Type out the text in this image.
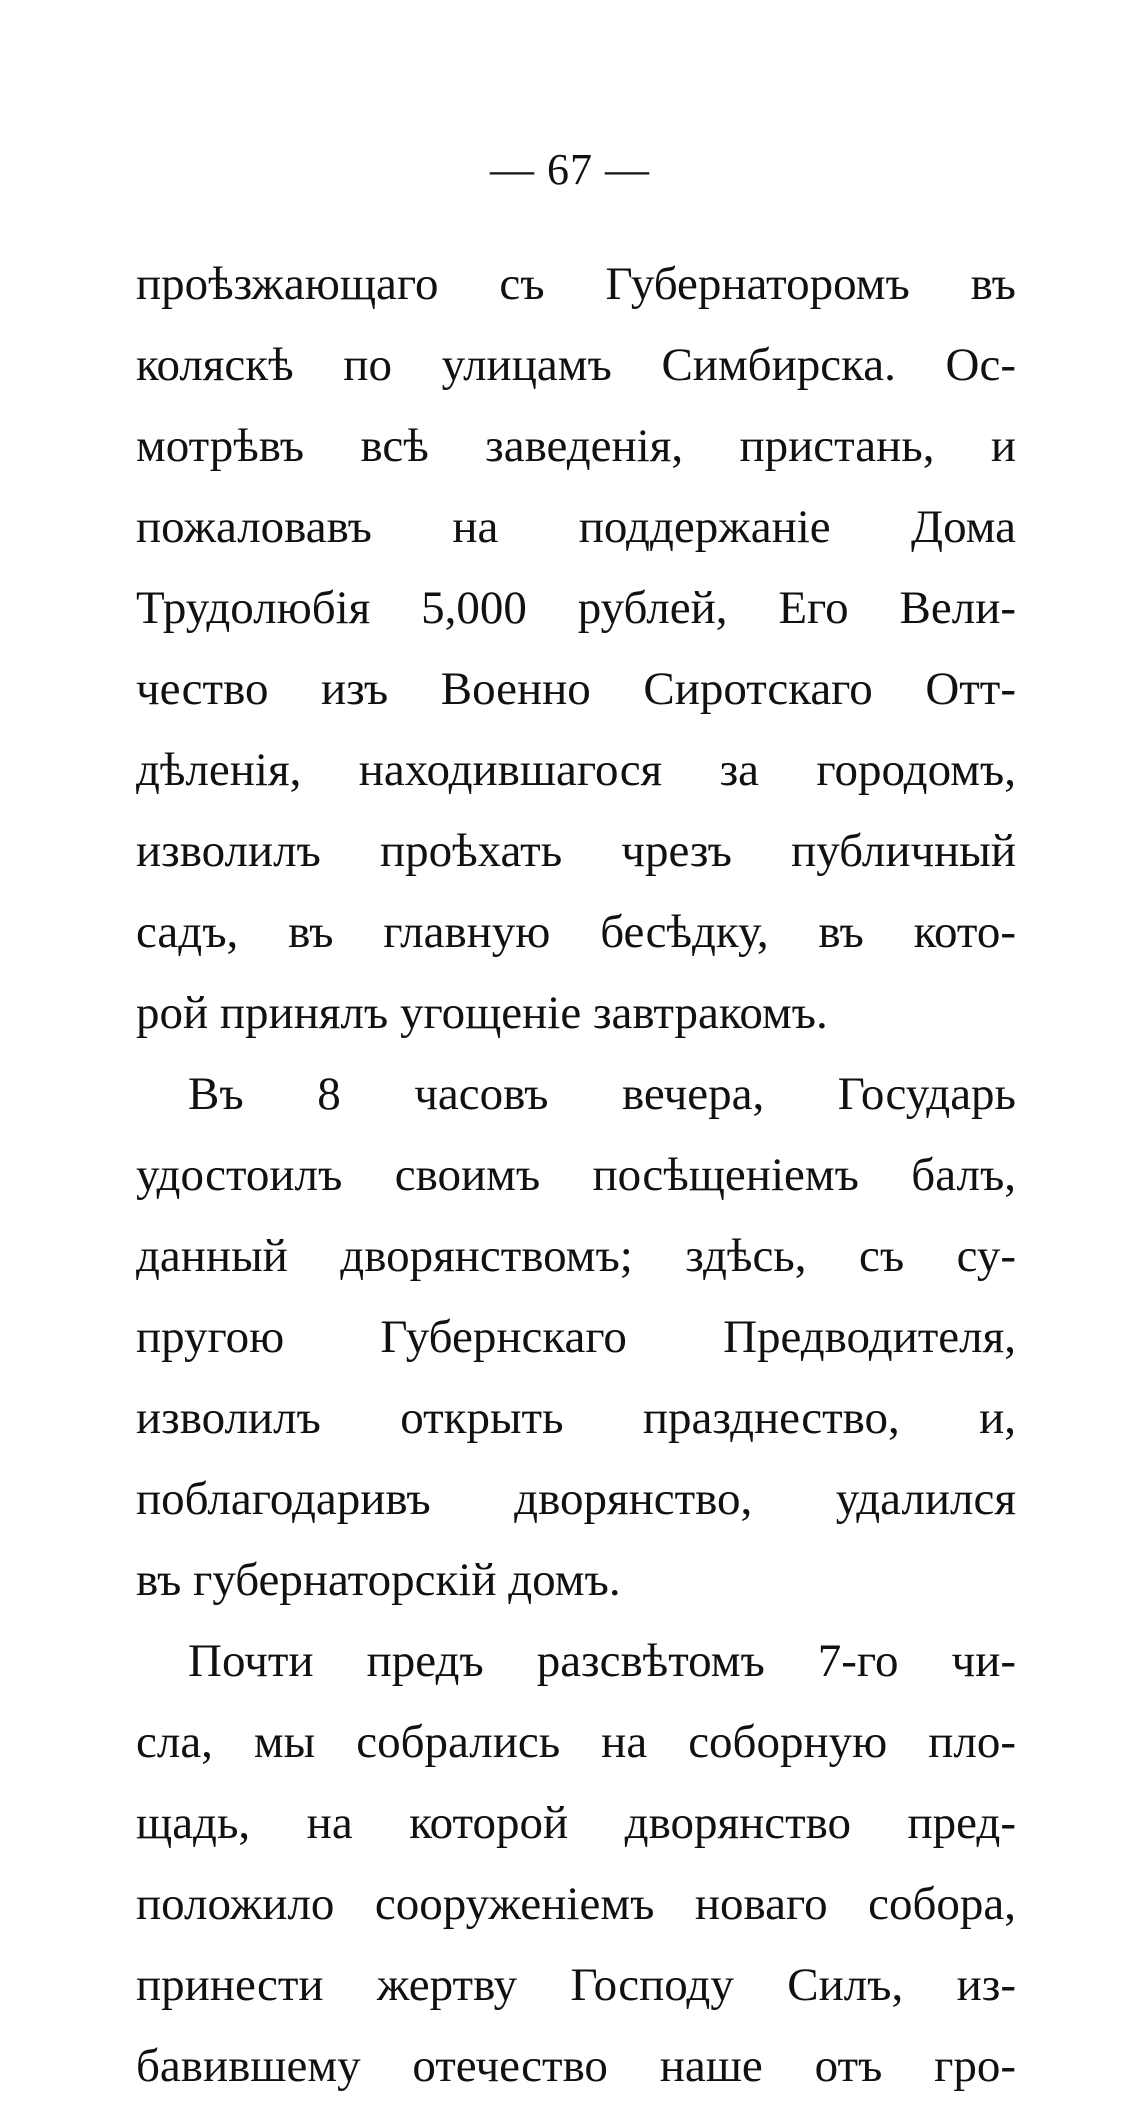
— 67 —
проѣзжающаго съ Губернаторомъ въ
коляскѣ по улицамъ Симбирска. Ос-
мотрѣвъ всѣ заведенія, пристань, и
пожаловавъ на поддержаніе Дома
Трудолюбія 5,000 рублей, Его Вели-
чество изъ Военно Сиротскаго Отт-
дѣленія, находившагося за городомъ,
изволилъ проѣхать чрезъ публичный
садъ, въ главную бесѣдку, въ кото-
рой принялъ угощеніе завтракомъ.
Въ 8 часовъ вечера, Государь
удостоилъ своимъ посѣщеніемъ балъ,
данный дворянствомъ; здѣсь, съ су-
пругою Губернскаго Предводителя,
изволилъ открыть празднество, и,
поблагодаривъ дворянство, удалился
въ губернаторскій домъ.
Почти предъ разсвѣтомъ 7-го чи-
сла, мы собрались на соборную пло-
щадь, на которой дворянство пред-
положило сооруженіемъ новаго собора,
принести жертву Господу Силъ, из-
бавившему отечество наше отъ гро-
